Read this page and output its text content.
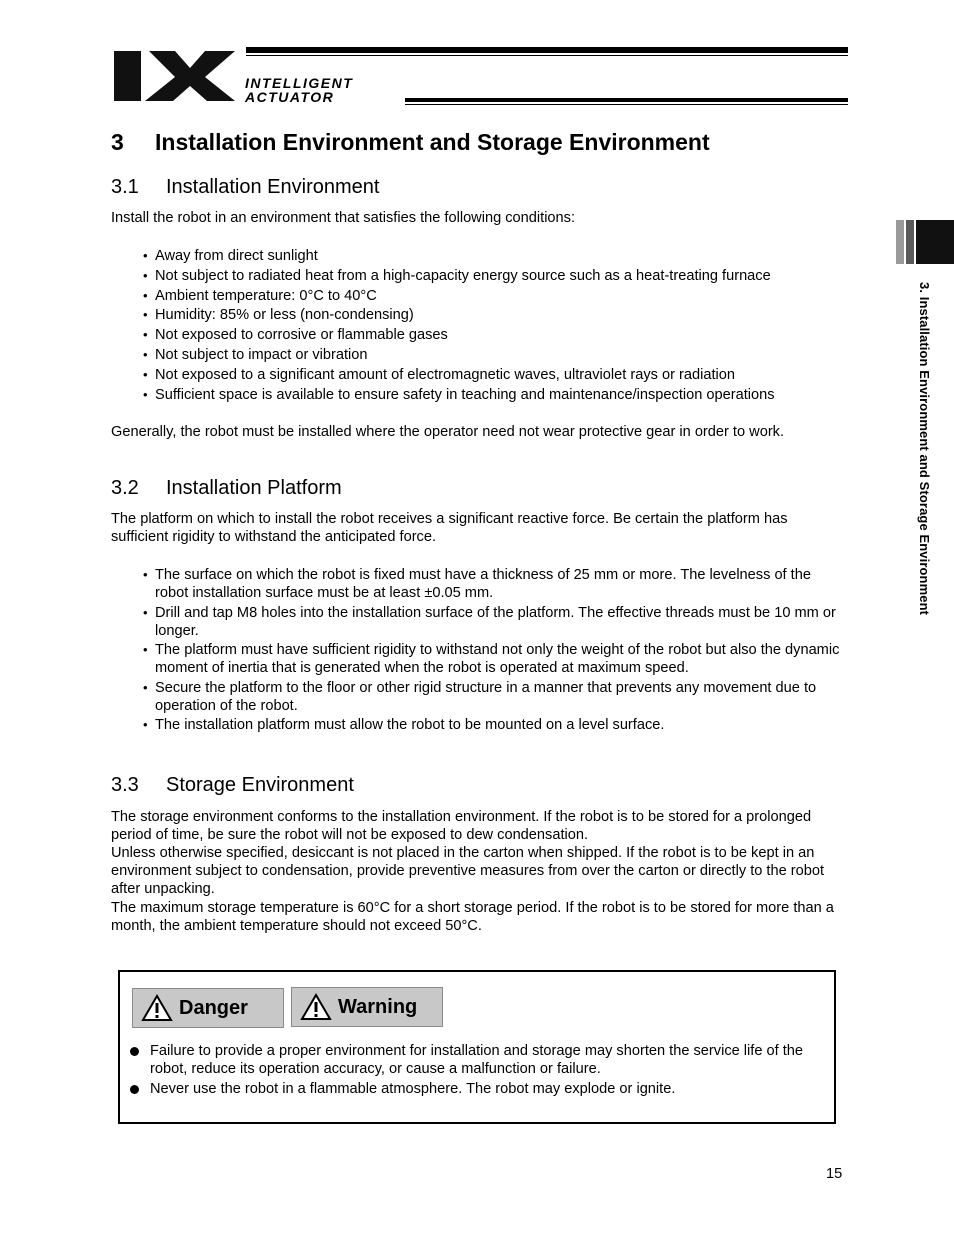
INTELLIGENT
ACTUATOR
3. Installation Environment and Storage Environment
3 Installation Environment and Storage Environment
3.1 Installation Environment

Install the robot in an environment that satisfies the following conditions:

• Away from direct sunlight
• Not subject to radiated heat from a high-capacity energy source such as a heat-treating furnace
• Ambient temperature: 0°C to 40°C
• Humidity: 85% or less (non-condensing)
• Not exposed to corrosive or flammable gases
• Not subject to impact or vibration
• Not exposed to a significant amount of electromagnetic waves, ultraviolet rays or radiation
• Sufficient space is available to ensure safety in teaching and maintenance/inspection operations

Generally, the robot must be installed where the operator need not wear protective gear in order to work.

3.2 Installation Platform

The platform on which to install the robot receives a significant reactive force. Be certain the platform has sufficient rigidity to withstand the anticipated force.

• The surface on which the robot is fixed must have a thickness of 25 mm or more. The levelness of the robot installation surface must be at least ±0.05 mm.
• Drill and tap M8 holes into the installation surface of the platform. The effective threads must be 10 mm or longer.
• The platform must have sufficient rigidity to withstand not only the weight of the robot but also the dynamic moment of inertia that is generated when the robot is operated at maximum speed.
• Secure the platform to the floor or other rigid structure in a manner that prevents any movement due to operation of the robot.
• The installation platform must allow the robot to be mounted on a level surface.
3.3 Storage Environment

The storage environment conforms to the installation environment. If the robot is to be stored for a prolonged period of time, be sure the robot will not be exposed to dew condensation.

Unless otherwise specified, desiccant is not placed in the carton when shipped. If the robot is to be kept in an environment subject to condensation, provide preventive measures from over the carton or directly to the robot after unpacking.

The maximum storage temperature is 60°C for a short storage period. If the robot is to be stored for more than a month, the ambient temperature should not exceed 50°C.

Danger	Warning
Failure to provide a proper environment for installation and storage may shorten the service life of the robot, reduce its operation accuracy, or cause a malfunction or failure.
Never use the robot in a flammable atmosphere. The robot may explode or ignite.
15
